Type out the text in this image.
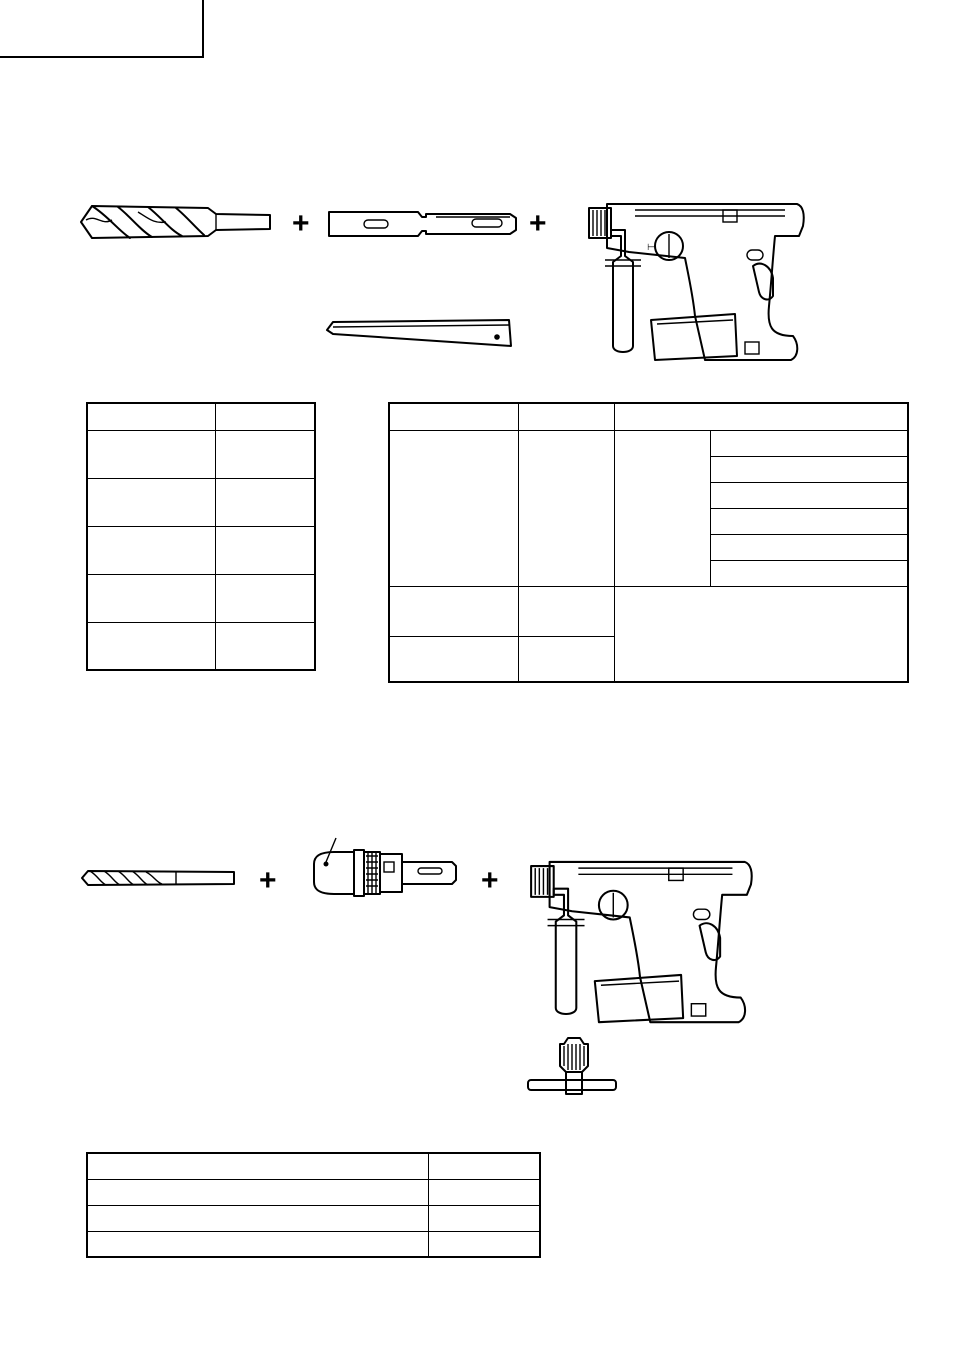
+	+
⊢

+	+
